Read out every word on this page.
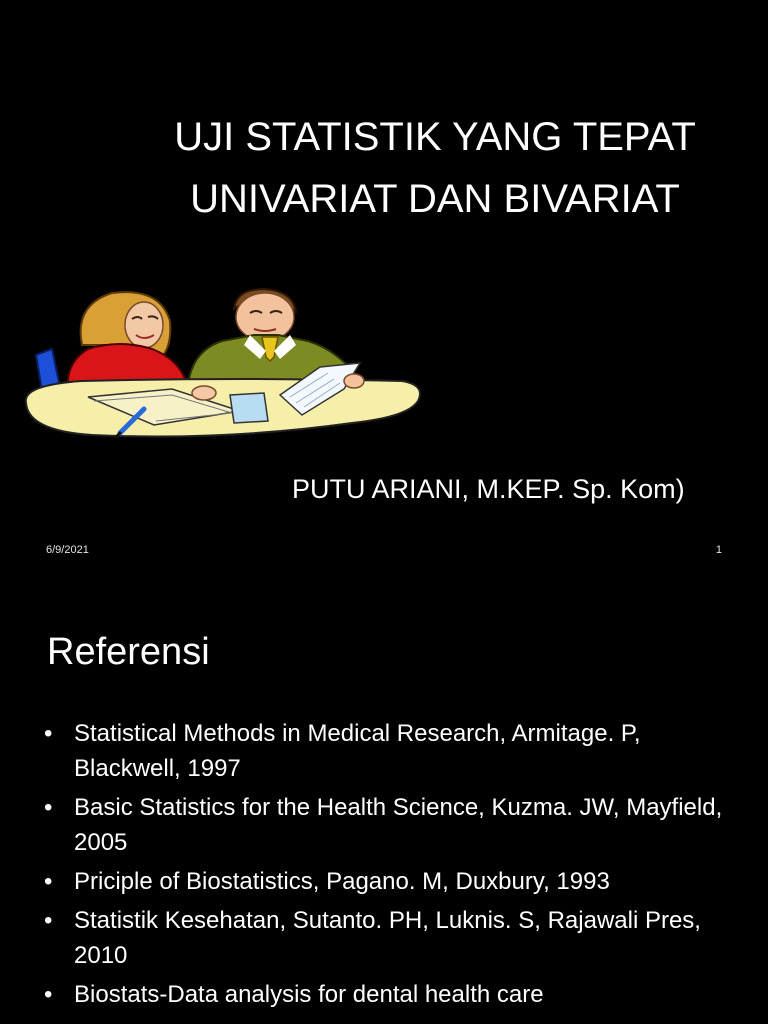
UJI STATISTIK YANG TEPAT
UNIVARIAT DAN BIVARIAT
PUTU ARIANI, M.KEP. Sp. Kom)
6/9/2021	1
Referensi
• Statistical Methods in Medical Research, Armitage. P, Blackwell, 1997
• Basic Statistics for the Health Science, Kuzma. JW, Mayfield, 2005
• Priciple of Biostatistics, Pagano. M, Duxbury, 1993
• Statistik Kesehatan, Sutanto. PH, Luknis. S, Rajawali Pres, 2010
• Biostats-Data analysis for dental health care
